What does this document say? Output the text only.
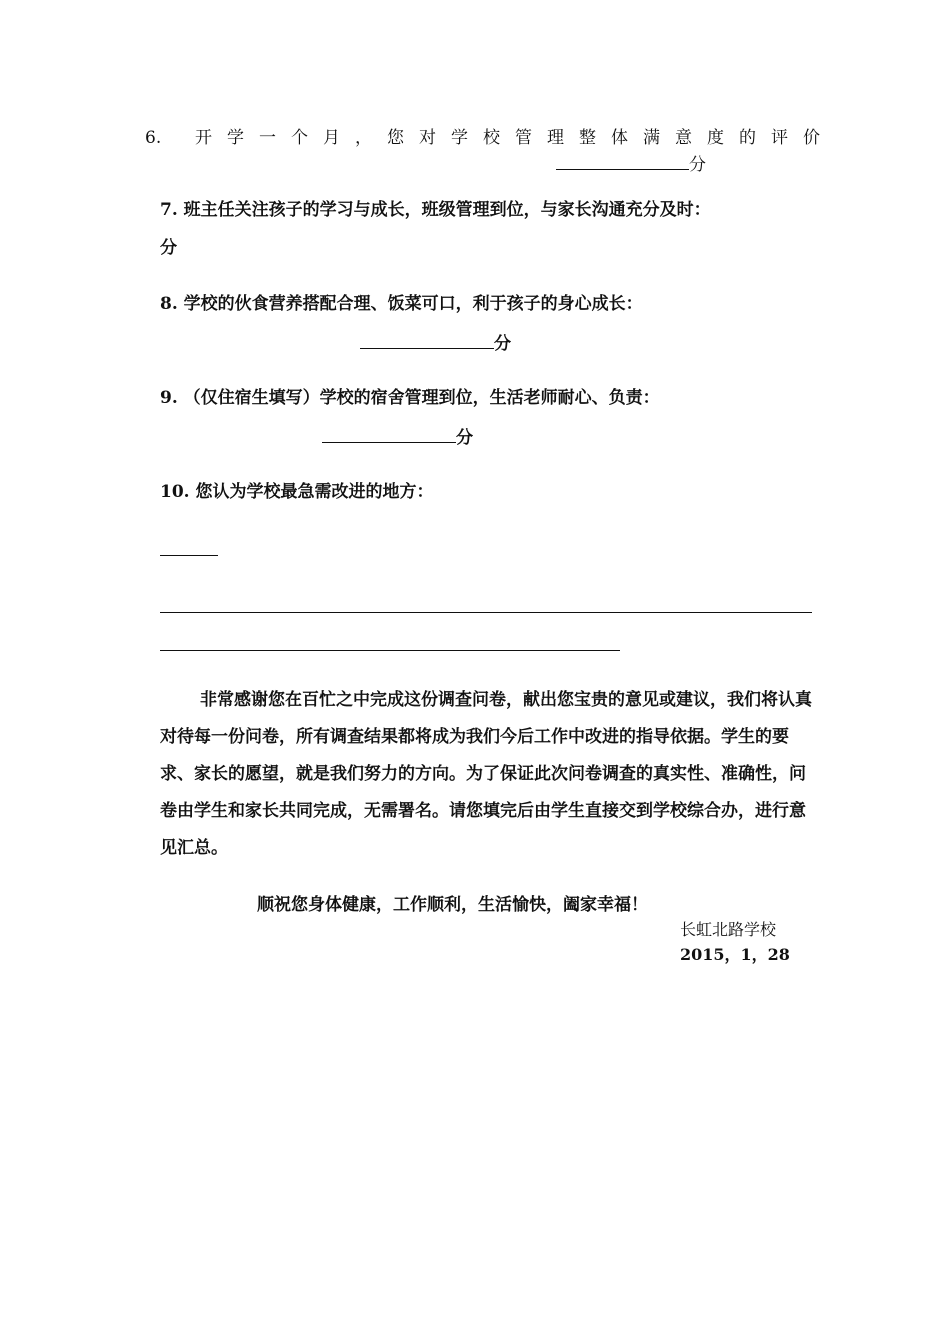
6. 开学一个月，您对学校管理整体满意度的评价
分
7. 班主任关注孩子的学习与成长，班级管理到位，与家长沟通充分及时：
分
8. 学校的伙食营养搭配合理、饭菜可口，利于孩子的身心成长：
分
9. （仅住宿生填写）学校的宿舍管理到位，生活老师耐心、负责：
分
10. 您认为学校最急需改进的地方：
非常感谢您在百忙之中完成这份调查问卷，献出您宝贵的意见或建议，我们将认真对待每一份问卷，所有调查结果都将成为我们今后工作中改进的指导依据。学生的要求、家长的愿望，就是我们努力的方向。为了保证此次问卷调查的真实性、准确性，问卷由学生和家长共同完成，无需署名。请您填完后由学生直接交到学校综合办，进行意见汇总。
顺祝您身体健康，工作顺利，生活愉快，阖家幸福！
长虹北路学校
2015，1，28
